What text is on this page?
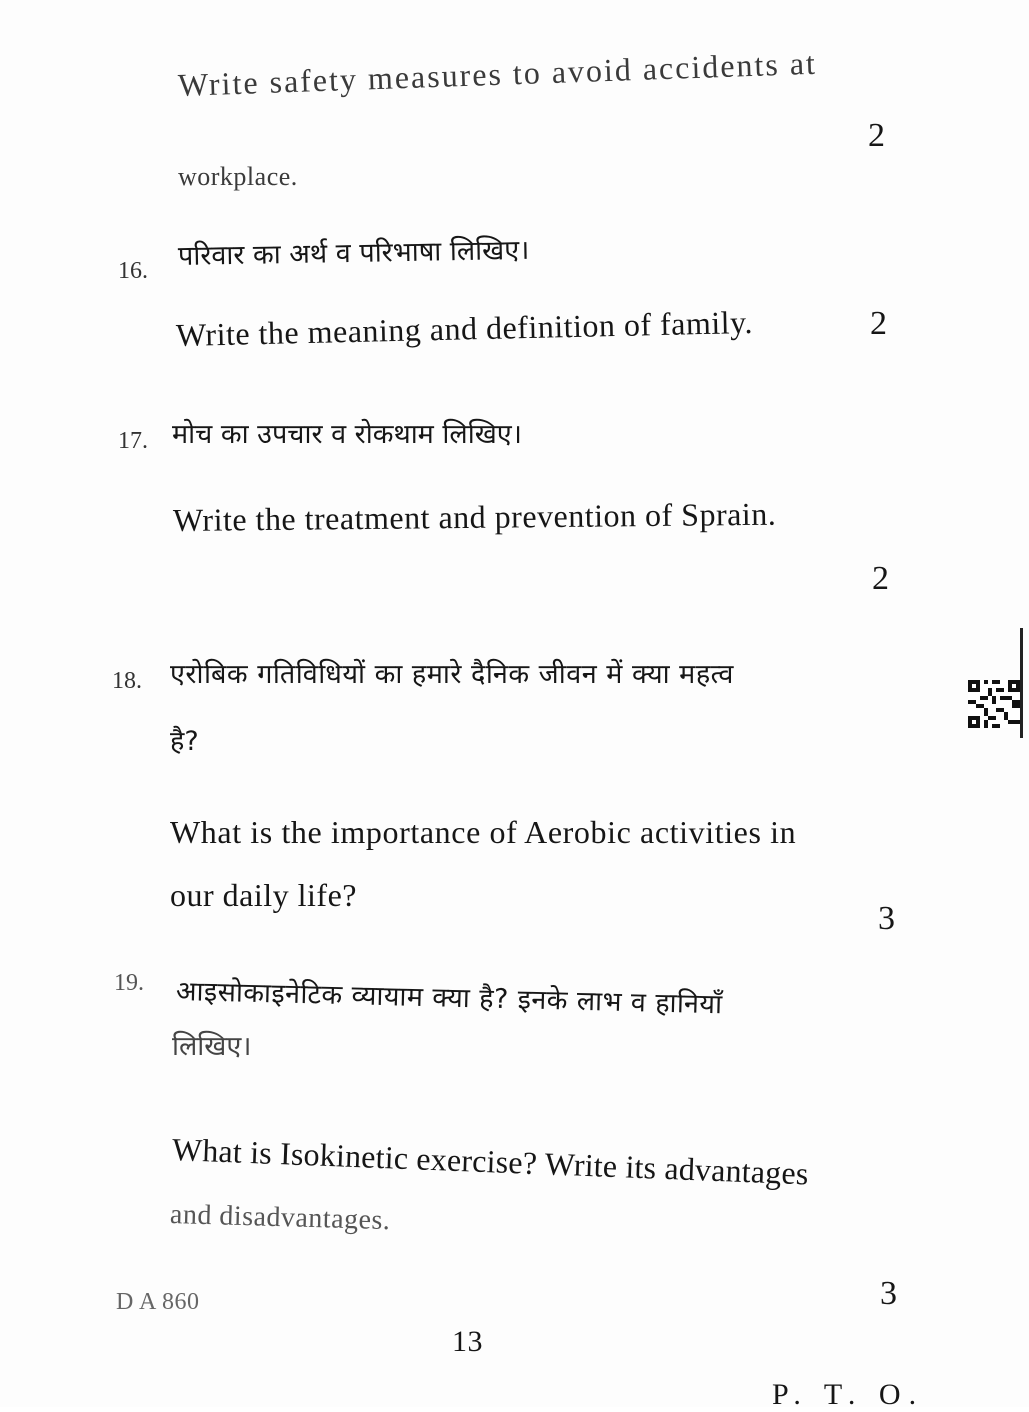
Write safety measures to avoid accidents at
2
workplace.
16. परिवार का अर्थ व परिभाषा लिखिए।
Write the meaning and definition of family.	2
17. मोच का उपचार व रोकथाम लिखिए।
Write the treatment and prevention of Sprain.
2
18. एरोबिक गतिविधियों का हमारे दैनिक जीवन में क्या महत्व
है?
What is the importance of Aerobic activities in
our daily life?
3
19. आइसोकाइनेटिक व्यायाम क्या है? इनके लाभ व हानियाँ
लिखिए।
What is Isokinetic exercise? Write its advantages
and disadvantages.
3
D A 860
13
P. T. O.
